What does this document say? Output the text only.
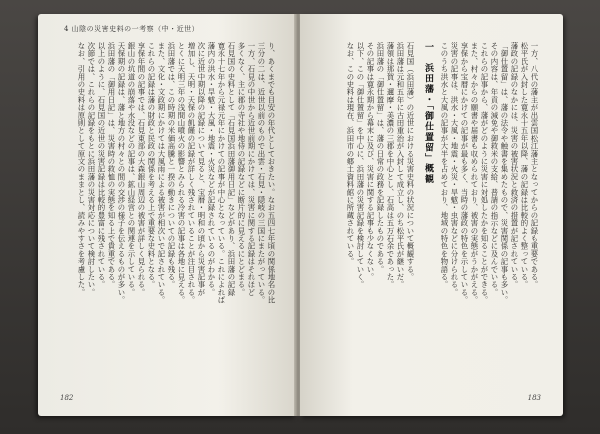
4 山陰の災害史料の一考察（中・近世）
り、あくまでも目安の年代としておきたい。なお五四七年頃の関係地名の比
三分の二は、近世以前のもので出雲・石見・隠岐の三国にまたがっている。
一方、石見の中世から近世前期にかけては、災害に関する記録はそれほど
多くなく、主に郡の寺社や地侍の記録などに断片的に見えるにとどまる。
石見国の史料として「石見国浜田藩御用日記」などがあり、浜田藩の記録
寛永十七年から元禄元年にかけての記事が中心となっている。これによれば
藩内の洪水・旱魃・大風・地震・火災などが記録されているのがわかる。
次に近世中期以降の記録について見ると、宝暦・明和の頃から災害記事が
増加し、天明・天保の飢饉の記録が詳しく残されていることが注目される。
とくに天明三年の浅間山噴火の影響とみられる冷害の記事は各地に見える。
浜田藩では、この時期の米価高騰と一揆の動きについての記録も残る。
また、文化・文政期にかけては大風雨による被害が相次いで記されている。
これらの記録は藩の財政と民政の関係を考える上で重要な史料となる。
享保年間の記事では、石見東部の大森銀山周辺の被害が詳しく見られる。
銀山の坑道の崩落や水没などの記事は、鉱山経営との関連を示している。
天保期の記録は、藩と地方の村々との間の交渉の様子を伝えるものが多い。
浜田藩の「御用日記」は、災害時の救恤の実態を知る上で貴重である。
以上のように、石見国の近世の災害記録は比較的豊富に残されている。
次節では、これらの記録をもとに浜田藩の災害対応について検討したい。
なお、引用の史料は原則として原文のままとし、読みやすさを考慮した。
182
一方、八代の藩主が出雲国松江藩主となってからの記録も重要である。
松平氏が入封した寛永十五年以降、藩の記録は比較的よく整っている。
藩政の記録のなかには、災害の被害状況と救済の措置が記されている。
「御仕置留」は、藩の法令や触書を集めたもので、災害関係の記事も多い。
その内容は、年貢の減免や御救米の支給、普請の指示などに及んでいる。
これらの記事から、藩がどのように災害に対処したかを知ることができる。
また、村々からの願書や届書も収められており、被害の実態がうかがえる。
享保から宝暦にかけての記事が最も多く、当時の藩政の特色を示している。
災害の記事は、洪水・大風・地震・火災・旱魃・虫害などに分けられる。
このうち洪水と大風の記事が大半を占めており、地域の特色を物語る。
一　浜田藩・「御仕置留」概観
石見国（浜田藩）の近世における災害史料の状況について概観する。
浜田藩は元和五年に古田重治が入封して成立し、のち松平氏が継いだ。
藩領は那賀・邇摩・美濃の三郡を中心とし、石高は五万石余であった。
浜田藩の「御仕置留」は、藩の日常の政務を記録したものである。
その記事は寛永期から幕末に及び、災害に関する記事も少なくない。
以下、この「御仕置留」を中心に、浜田藩の災害記録を検討していく。
なお、この史料は現在、浜田市の郷土資料館に所蔵されている。
183
